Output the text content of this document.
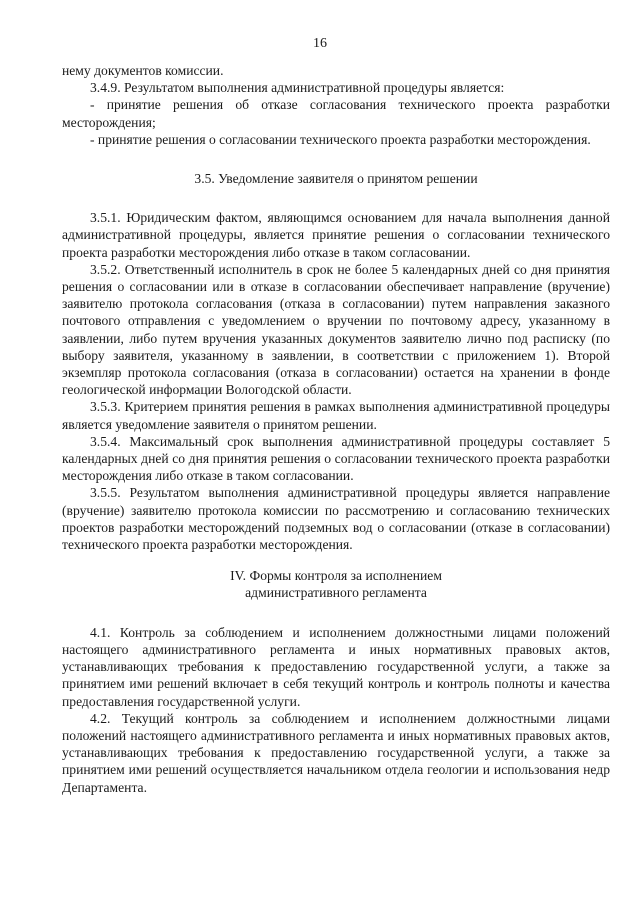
16

нему документов комиссии.

3.4.9. Результатом выполнения административной процедуры является:

- принятие решения об отказе согласования технического проекта разработки месторождения;

- принятие решения о согласовании технического проекта разработки месторождения.

3.5. Уведомление заявителя о принятом решении

3.5.1. Юридическим фактом, являющимся основанием для начала выполнения данной административной процедуры, является принятие решения о согласовании технического проекта разработки месторождения либо отказе в таком согласовании.

3.5.2. Ответственный исполнитель в срок не более 5 календарных дней со дня принятия решения о согласовании или в отказе в согласовании обеспечивает направление (вручение) заявителю протокола согласования (отказа в согласовании) путем направления заказного почтового отправления с уведомлением о вручении по почтовому адресу, указанному в заявлении, либо путем вручения указанных документов заявителю лично под расписку (по выбору заявителя, указанному в заявлении, в соответствии с приложением 1). Второй экземпляр протокола согласования (отказа в согласовании) остается на хранении в фонде геологической информации Вологодской области.

3.5.3. Критерием принятия решения в рамках выполнения административной процедуры является уведомление заявителя о принятом решении.

3.5.4. Максимальный срок выполнения административной процедуры составляет 5 календарных дней со дня принятия решения о согласовании технического проекта разработки месторождения либо отказе в таком согласовании.

3.5.5. Результатом выполнения административной процедуры является направление (вручение) заявителю протокола комиссии по рассмотрению и согласованию технических проектов разработки месторождений подземных вод о согласовании (отказе в согласовании) технического проекта разработки месторождения.

IV. Формы контроля за исполнением

административного регламента

4.1. Контроль за соблюдением и исполнением должностными лицами положений настоящего административного регламента и иных нормативных правовых актов, устанавливающих требования к предоставлению государственной услуги, а также за принятием ими решений включает в себя текущий контроль и контроль полноты и качества предоставления государственной услуги.

4.2. Текущий контроль за соблюдением и исполнением должностными лицами положений настоящего административного регламента и иных нормативных правовых актов, устанавливающих требования к предоставлению государственной услуги, а также за принятием ими решений осуществляется начальником отдела геологии и использования недр Департамента.
